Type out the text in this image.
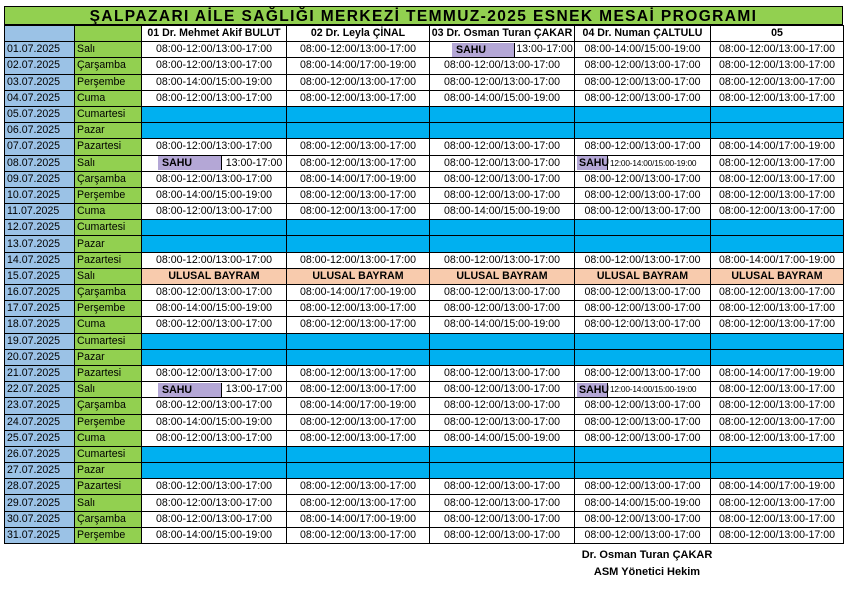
ŞALPAZARI AİLE SAĞLIĞI MERKEZİ TEMMUZ-2025 ESNEK MESAİ PROGRAMI
		01 Dr. Mehmet Akif BULUT	02 Dr. Leyla ÇİNAL	03 Dr. Osman Turan ÇAKAR	04 Dr. Numan ÇALTULU	05
01.07.2025	Salı	08:00-12:00/13:00-17:00	08:00-12:00/13:00-17:00	SAHU 13:00-17:00	08:00-14:00/15:00-19:00	08:00-12:00/13:00-17:00
02.07.2025	Çarşamba	08:00-12:00/13:00-17:00	08:00-14:00/17:00-19:00	08:00-12:00/13:00-17:00	08:00-12:00/13:00-17:00	08:00-12:00/13:00-17:00
03.07.2025	Perşembe	08:00-14:00/15:00-19:00	08:00-12:00/13:00-17:00	08:00-12:00/13:00-17:00	08:00-12:00/13:00-17:00	08:00-12:00/13:00-17:00
04.07.2025	Cuma	08:00-12:00/13:00-17:00	08:00-12:00/13:00-17:00	08:00-14:00/15:00-19:00	08:00-12:00/13:00-17:00	08:00-12:00/13:00-17:00
05.07.2025	Cumartesi					
06.07.2025	Pazar					
07.07.2025	Pazartesi	08:00-12:00/13:00-17:00	08:00-12:00/13:00-17:00	08:00-12:00/13:00-17:00	08:00-12:00/13:00-17:00	08:00-14:00/17:00-19:00
08.07.2025	Salı	SAHU 13:00-17:00	08:00-12:00/13:00-17:00	08:00-12:00/13:00-17:00	SAHU 12:00-14:00/15:00-19:00	08:00-12:00/13:00-17:00
09.07.2025	Çarşamba	08:00-12:00/13:00-17:00	08:00-14:00/17:00-19:00	08:00-12:00/13:00-17:00	08:00-12:00/13:00-17:00	08:00-12:00/13:00-17:00
10.07.2025	Perşembe	08:00-14:00/15:00-19:00	08:00-12:00/13:00-17:00	08:00-12:00/13:00-17:00	08:00-12:00/13:00-17:00	08:00-12:00/13:00-17:00
11.07.2025	Cuma	08:00-12:00/13:00-17:00	08:00-12:00/13:00-17:00	08:00-14:00/15:00-19:00	08:00-12:00/13:00-17:00	08:00-12:00/13:00-17:00
12.07.2025	Cumartesi					
13.07.2025	Pazar					
14.07.2025	Pazartesi	08:00-12:00/13:00-17:00	08:00-12:00/13:00-17:00	08:00-12:00/13:00-17:00	08:00-12:00/13:00-17:00	08:00-14:00/17:00-19:00
15.07.2025	Salı	ULUSAL BAYRAM	ULUSAL BAYRAM	ULUSAL BAYRAM	ULUSAL BAYRAM	ULUSAL BAYRAM
16.07.2025	Çarşamba	08:00-12:00/13:00-17:00	08:00-14:00/17:00-19:00	08:00-12:00/13:00-17:00	08:00-12:00/13:00-17:00	08:00-12:00/13:00-17:00
17.07.2025	Perşembe	08:00-14:00/15:00-19:00	08:00-12:00/13:00-17:00	08:00-12:00/13:00-17:00	08:00-12:00/13:00-17:00	08:00-12:00/13:00-17:00
18.07.2025	Cuma	08:00-12:00/13:00-17:00	08:00-12:00/13:00-17:00	08:00-14:00/15:00-19:00	08:00-12:00/13:00-17:00	08:00-12:00/13:00-17:00
19.07.2025	Cumartesi					
20.07.2025	Pazar					
21.07.2025	Pazartesi	08:00-12:00/13:00-17:00	08:00-12:00/13:00-17:00	08:00-12:00/13:00-17:00	08:00-12:00/13:00-17:00	08:00-14:00/17:00-19:00
22.07.2025	Salı	SAHU 13:00-17:00	08:00-12:00/13:00-17:00	08:00-12:00/13:00-17:00	SAHU 12:00-14:00/15:00-19:00	08:00-12:00/13:00-17:00
23.07.2025	Çarşamba	08:00-12:00/13:00-17:00	08:00-14:00/17:00-19:00	08:00-12:00/13:00-17:00	08:00-12:00/13:00-17:00	08:00-12:00/13:00-17:00
24.07.2025	Perşembe	08:00-14:00/15:00-19:00	08:00-12:00/13:00-17:00	08:00-12:00/13:00-17:00	08:00-12:00/13:00-17:00	08:00-12:00/13:00-17:00
25.07.2025	Cuma	08:00-12:00/13:00-17:00	08:00-12:00/13:00-17:00	08:00-14:00/15:00-19:00	08:00-12:00/13:00-17:00	08:00-12:00/13:00-17:00
26.07.2025	Cumartesi					
27.07.2025	Pazar					
28.07.2025	Pazartesi	08:00-12:00/13:00-17:00	08:00-12:00/13:00-17:00	08:00-12:00/13:00-17:00	08:00-12:00/13:00-17:00	08:00-14:00/17:00-19:00
29.07.2025	Salı	08:00-12:00/13:00-17:00	08:00-12:00/13:00-17:00	08:00-12:00/13:00-17:00	08:00-14:00/15:00-19:00	08:00-12:00/13:00-17:00
30.07.2025	Çarşamba	08:00-12:00/13:00-17:00	08:00-14:00/17:00-19:00	08:00-12:00/13:00-17:00	08:00-12:00/13:00-17:00	08:00-12:00/13:00-17:00
31.07.2025	Perşembe	08:00-14:00/15:00-19:00	08:00-12:00/13:00-17:00	08:00-12:00/13:00-17:00	08:00-12:00/13:00-17:00	08:00-12:00/13:00-17:00
Dr. Osman Turan ÇAKAR
ASM Yönetici Hekim
